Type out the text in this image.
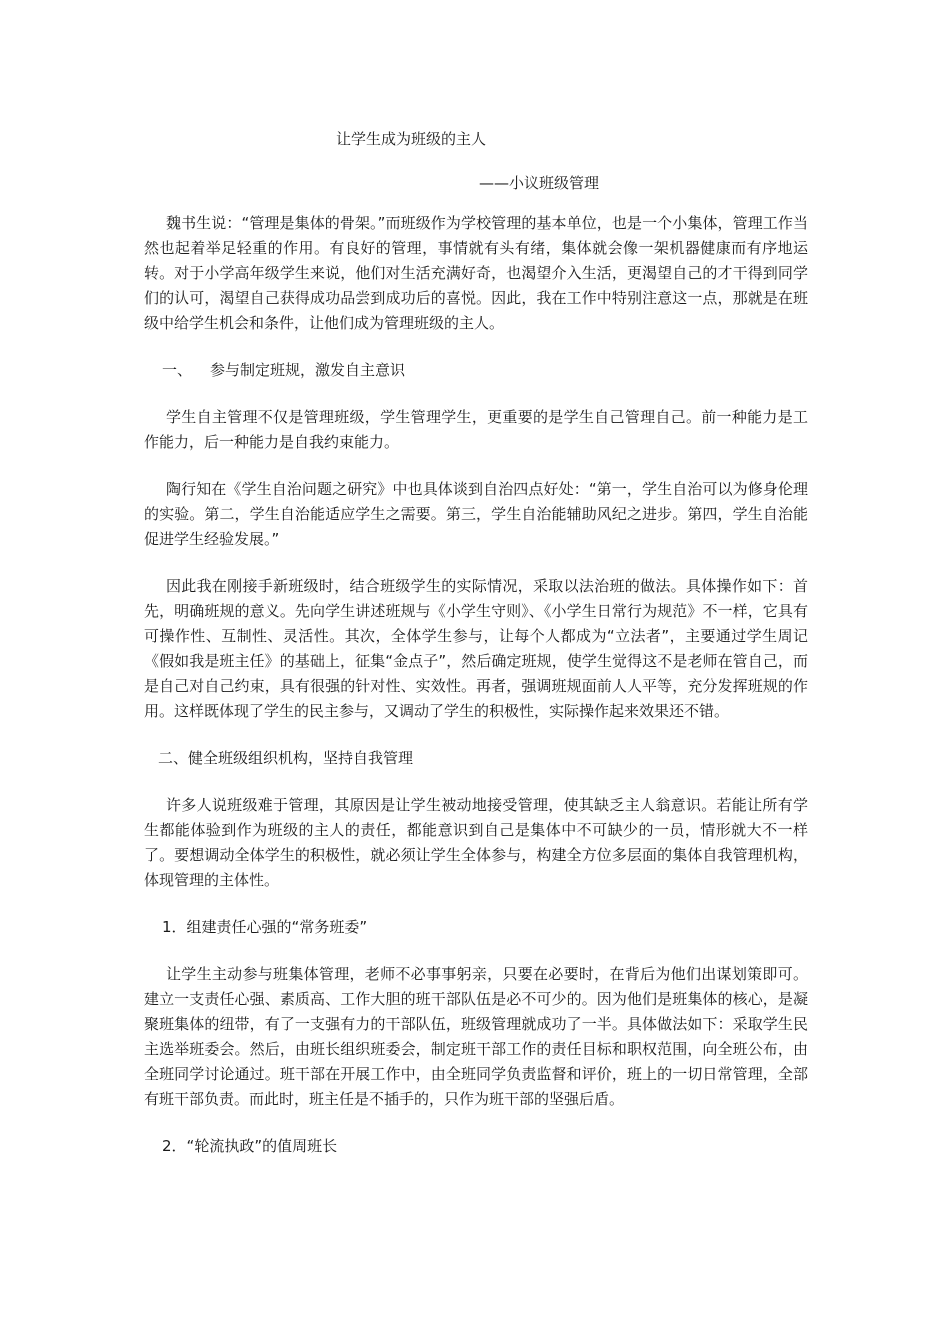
让学生成为班级的主人
——小议班级管理

魏书生说：“管理是集体的骨架。”而班级作为学校管理的基本单位，也是一个小集体，管理工作当然也起着举足轻重的作用。有良好的管理，事情就有头有绪，集体就会像一架机器健康而有序地运转。对于小学高年级学生来说，他们对生活充满好奇，也渴望介入生活，更渴望自己的才干得到同学们的认可，渴望自己获得成功品尝到成功后的喜悦。因此，我在工作中特别注意这一点，那就是在班级中给学生机会和条件，让他们成为管理班级的主人。

一、 参与制定班规，激发自主意识

学生自主管理不仅是管理班级，学生管理学生，更重要的是学生自己管理自己。前一种能力是工作能力，后一种能力是自我约束能力。

陶行知在《学生自治问题之研究》中也具体谈到自治四点好处：“第一，学生自治可以为修身伦理的实验。第二，学生自治能适应学生之需要。第三，学生自治能辅助风纪之进步。第四，学生自治能促进学生经验发展。”

因此我在刚接手新班级时，结合班级学生的实际情况，采取以法治班的做法。具体操作如下：首先，明确班规的意义。先向学生讲述班规与《小学生守则》、《小学生日常行为规范》不一样，它具有可操作性、互制性、灵活性。其次，全体学生参与，让每个人都成为“立法者”，主要通过学生周记《假如我是班主任》的基础上，征集“金点子”，然后确定班规，使学生觉得这不是老师在管自己，而是自己对自己约束，具有很强的针对性、实效性。再者，强调班规面前人人平等，充分发挥班规的作用。这样既体现了学生的民主参与，又调动了学生的积极性，实际操作起来效果还不错。

二、健全班级组织机构，坚持自我管理

许多人说班级难于管理，其原因是让学生被动地接受管理，使其缺乏主人翁意识。若能让所有学生都能体验到作为班级的主人的责任，都能意识到自己是集体中不可缺少的一员，情形就大不一样了。要想调动全体学生的积极性，就必须让学生全体参与，构建全方位多层面的集体自我管理机构，体现管理的主体性。

1．组建责任心强的“常务班委”

让学生主动参与班集体管理，老师不必事事躬亲，只要在必要时，在背后为他们出谋划策即可。建立一支责任心强、素质高、工作大胆的班干部队伍是必不可少的。因为他们是班集体的核心，是凝聚班集体的纽带，有了一支强有力的干部队伍，班级管理就成功了一半。具体做法如下：采取学生民主选举班委会。然后，由班长组织班委会，制定班干部工作的责任目标和职权范围，向全班公布，由全班同学讨论通过。班干部在开展工作中，由全班同学负责监督和评价，班上的一切日常管理，全部有班干部负责。而此时，班主任是不插手的，只作为班干部的坚强后盾。

2．“轮流执政”的值周班长
